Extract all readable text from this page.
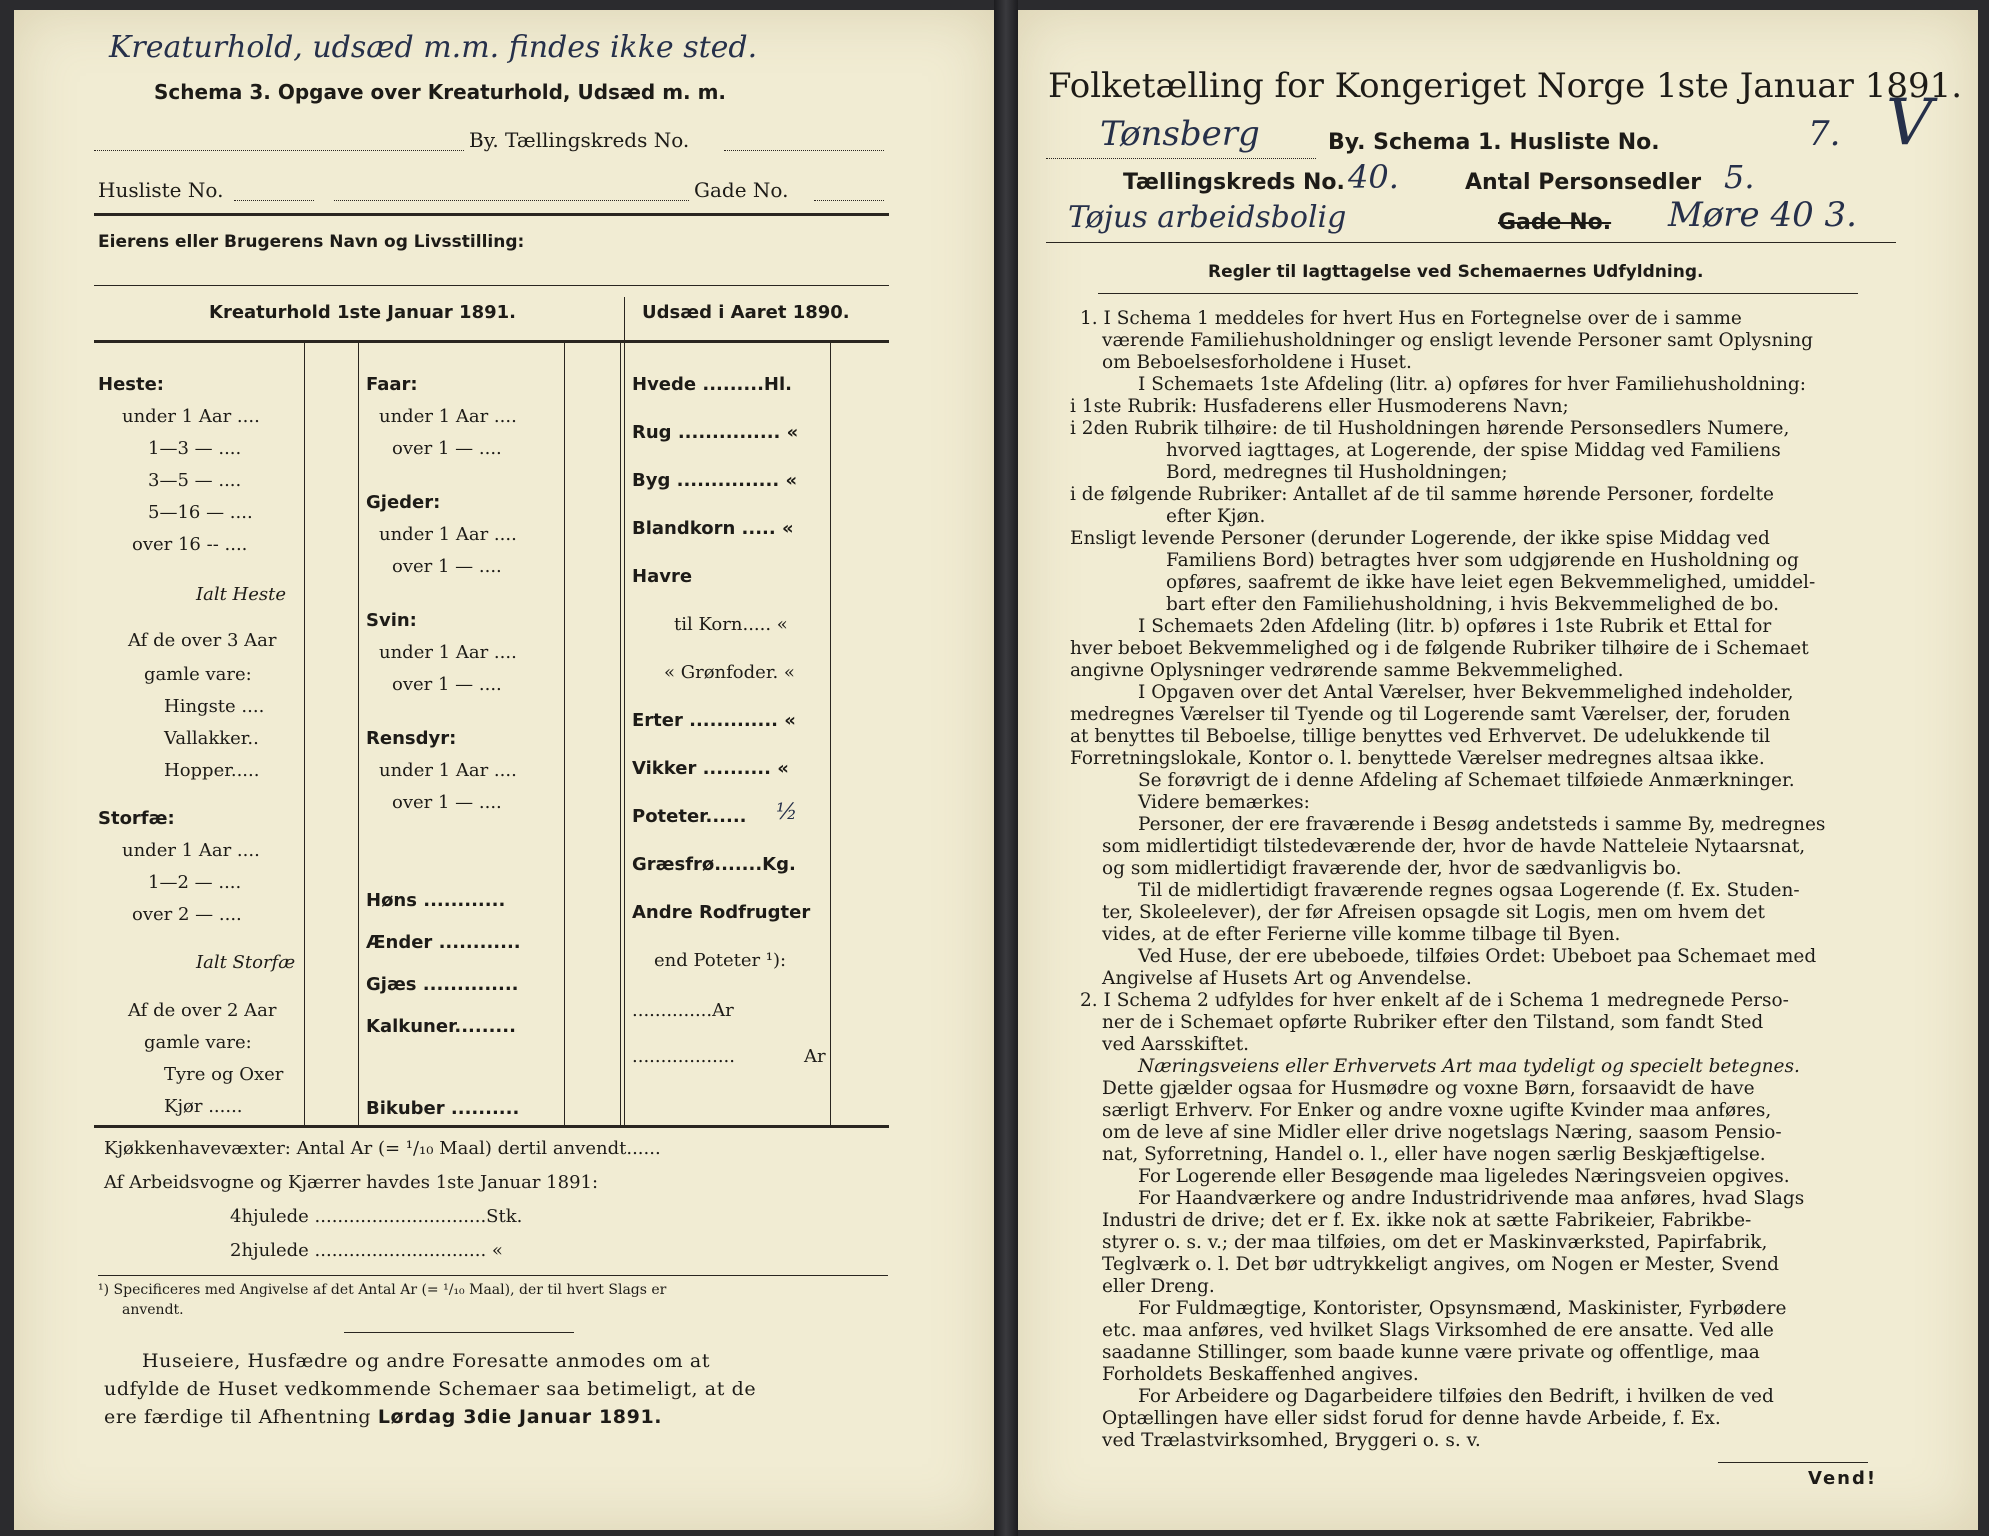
Kreaturhold, udsæd m.m. findes ikke sted.
Schema 3. Opgave over Kreaturhold, Udsæd m. m.
By. Tællingskreds No.
Husliste No.	Gade No.
Eierens eller Brugerens Navn og Livsstilling:
Kreaturhold 1ste Januar 1891.	Udsæd i Aaret 1890.
Heste:
under 1 Aar ....
1—3 — ....
3—5 — ....
5—16 — ....
over 16 -- ....
Ialt Heste
Af de over 3 Aar
gamle vare:
Hingste ....
Vallakker..
Hopper.....
Storfæ:
under 1 Aar ....
1—2 — ....
over 2 — ....
Ialt Storfæ
Af de over 2 Aar
gamle vare:
Tyre og Oxer
Kjør ......
Faar:
under 1 Aar ....
over 1 — ....
Gjeder:
under 1 Aar ....
over 1 — ....
Svin:
under 1 Aar ....
over 1 — ....
Rensdyr:
under 1 Aar ....
over 1 — ....
Høns ............
Ænder ............
Gjæs ..............
Kalkuner.........
Bikuber ..........
Hvede .........Hl.
Rug ............... «
Byg ............... «
Blandkorn ..... «
Havre
til Korn..... «
« Grønfoder. «
Erter ............. «
Vikker .......... «
Poteter...... ½
Græsfrø.......Kg.
Andre Rodfrugter
end Poteter ¹):
..............Ar
..................	Ar
Kjøkkenhavevæxter: Antal Ar (= ¹/₁₀ Maal) dertil anvendt......
Af Arbeidsvogne og Kjærrer havdes 1ste Januar 1891:
4hjulede ..............................Stk.
2hjulede .............................. «
¹) Specificeres med Angivelse af det Antal Ar (= ¹/₁₀ Maal), der til hvert Slags er
anvendt.
Huseiere, Husfædre og andre Foresatte anmodes om at
udfylde de Huset vedkommende Schemaer saa betimeligt, at de
ere færdige til Afhentning Lørdag 3die Januar 1891.
Folketælling for Kongeriget Norge 1ste Januar 1891.
V
Tønsberg	By. Schema 1. Husliste No.	7.
Tællingskreds No. 40.	Antal Personsedler 5.
Tøjus arbeidsbolig	Gade No. Møre 40 3.
Regler til Iagttagelse ved Schemaernes Udfyldning.
1. I Schema 1 meddeles for hvert Hus en Fortegnelse over de i samme
værende Familiehusholdninger og ensligt levende Personer samt Oplysning
om Beboelsesforholdene i Huset.
I Schemaets 1ste Afdeling (litr. a) opføres for hver Familiehusholdning:
i 1ste Rubrik: Husfaderens eller Husmoderens Navn;
i 2den Rubrik tilhøire: de til Husholdningen hørende Personsedlers Numere,
hvorved iagttages, at Logerende, der spise Middag ved Familiens
Bord, medregnes til Husholdningen;
i de følgende Rubriker: Antallet af de til samme hørende Personer, fordelte
efter Kjøn.
Ensligt levende Personer (derunder Logerende, der ikke spise Middag ved
Familiens Bord) betragtes hver som udgjørende en Husholdning og
opføres, saafremt de ikke have leiet egen Bekvemmelighed, umiddel-
bart efter den Familiehusholdning, i hvis Bekvemmelighed de bo.
I Schemaets 2den Afdeling (litr. b) opføres i 1ste Rubrik et Ettal for
hver beboet Bekvemmelighed og i de følgende Rubriker tilhøire de i Schemaet
angivne Oplysninger vedrørende samme Bekvemmelighed.
I Opgaven over det Antal Værelser, hver Bekvemmelighed indeholder,
medregnes Værelser til Tyende og til Logerende samt Værelser, der, foruden
at benyttes til Beboelse, tillige benyttes ved Erhvervet. De udelukkende til
Forretningslokale, Kontor o. l. benyttede Værelser medregnes altsaa ikke.
Se forøvrigt de i denne Afdeling af Schemaet tilføiede Anmærkninger.
Videre bemærkes:
Personer, der ere fraværende i Besøg andetsteds i samme By, medregnes
som midlertidigt tilstedeværende der, hvor de havde Natteleie Nytaarsnat,
og som midlertidigt fraværende der, hvor de sædvanligvis bo.
Til de midlertidigt fraværende regnes ogsaa Logerende (f. Ex. Studen-
ter, Skoleelever), der før Afreisen opsagde sit Logis, men om hvem det
vides, at de efter Ferierne ville komme tilbage til Byen.
Ved Huse, der ere ubeboede, tilføies Ordet: Ubeboet paa Schemaet med
Angivelse af Husets Art og Anvendelse.
2. I Schema 2 udfyldes for hver enkelt af de i Schema 1 medregnede Perso-
ner de i Schemaet opførte Rubriker efter den Tilstand, som fandt Sted
ved Aarsskiftet.
Næringsveiens eller Erhvervets Art maa tydeligt og specielt betegnes.
Dette gjælder ogsaa for Husmødre og voxne Børn, forsaavidt de have
særligt Erhverv. For Enker og andre voxne ugifte Kvinder maa anføres,
om de leve af sine Midler eller drive nogetslags Næring, saasom Pensio-
nat, Syforretning, Handel o. l., eller have nogen særlig Beskjæftigelse.
For Logerende eller Besøgende maa ligeledes Næringsveien opgives.
For Haandværkere og andre Industridrivende maa anføres, hvad Slags
Industri de drive; det er f. Ex. ikke nok at sætte Fabrikeier, Fabrikbe-
styrer o. s. v.; der maa tilføies, om det er Maskinværksted, Papirfabrik,
Teglværk o. l. Det bør udtrykkeligt angives, om Nogen er Mester, Svend
eller Dreng.
For Fuldmægtige, Kontorister, Opsynsmænd, Maskinister, Fyrbødere
etc. maa anføres, ved hvilket Slags Virksomhed de ere ansatte. Ved alle
saadanne Stillinger, som baade kunne være private og offentlige, maa
Forholdets Beskaffenhed angives.
For Arbeidere og Dagarbeidere tilføies den Bedrift, i hvilken de ved
Optællingen have eller sidst forud for denne havde Arbeide, f. Ex.
ved Trælastvirksomhed, Bryggeri o. s. v.
Vend!
